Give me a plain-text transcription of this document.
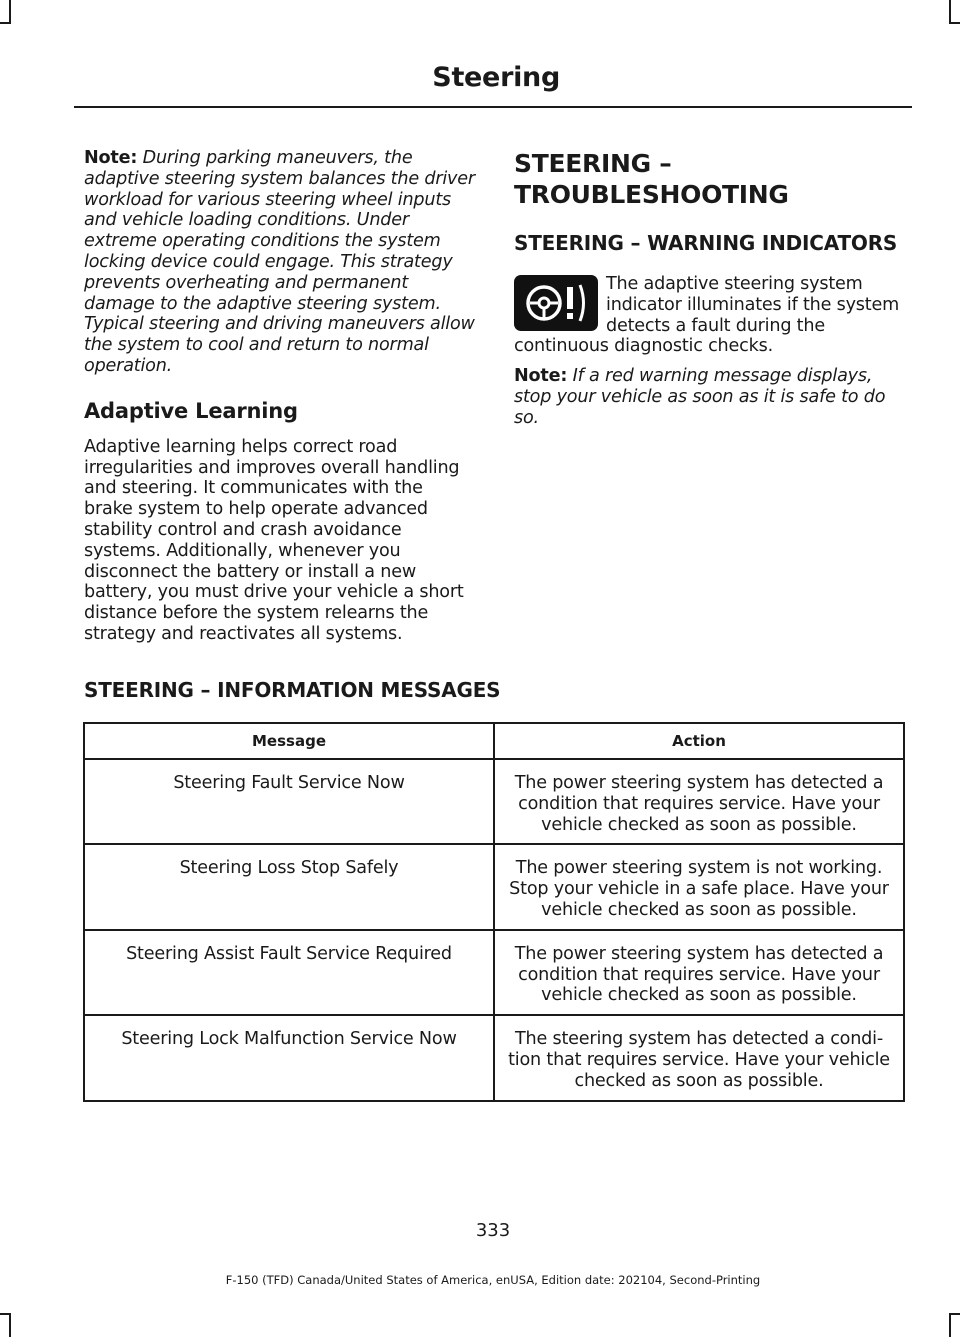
Steering

Note: During parking maneuvers, the adaptive steering system balances the driver workload for various steering wheel inputs and vehicle loading conditions. Under extreme operating conditions the system locking device could engage. This strategy prevents overheating and permanent damage to the adaptive steering system. Typical steering and driving maneuvers allow the system to cool and return to normal operation.

Adaptive Learning

Adaptive learning helps correct road irregularities and improves overall handling and steering. It communicates with the brake system to help operate advanced stability control and crash avoidance systems. Additionally, whenever you disconnect the battery or install a new battery, you must drive your vehicle a short distance before the system relearns the strategy and reactivates all systems.

STEERING –
TROUBLESHOOTING
STEERING – WARNING INDICATORS

The adaptive steering system indicator illuminates if the system detects a fault during the continuous diagnostic checks.

Note: If a red warning message displays, stop your vehicle as soon as it is safe to do so.

STEERING – INFORMATION MESSAGES
Message	Action
Steering Fault Service Now	The power steering system has detected a condition that requires service. Have your vehicle checked as soon as possible.
Steering Loss Stop Safely	The power steering system is not working. Stop your vehicle in a safe place. Have your vehicle checked as soon as possible.
Steering Assist Fault Service Required	The power steering system has detected a condition that requires service. Have your vehicle checked as soon as possible.
Steering Lock Malfunction Service Now	The steering system has detected a condi-tion that requires service. Have your vehicle checked as soon as possible.
333
F-150 (TFD) Canada/United States of America, enUSA, Edition date: 202104, Second-Printing
